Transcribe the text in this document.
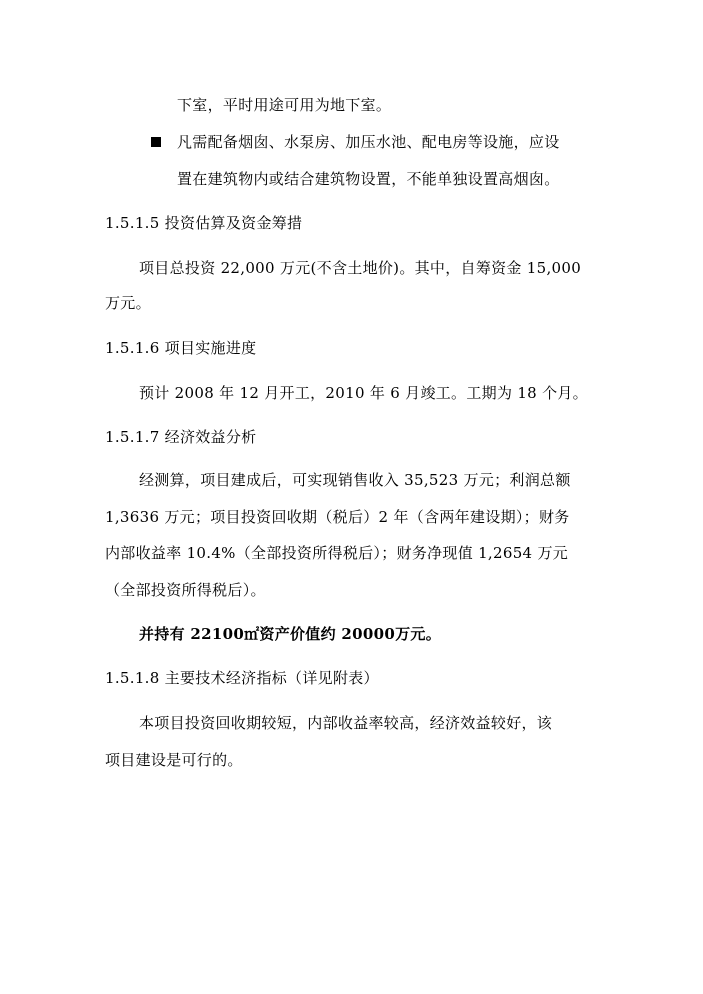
下室，平时用途可用为地下室。
凡需配备烟囱、水泵房、加压水池、配电房等设施，应设
置在建筑物内或结合建筑物设置，不能单独设置高烟囱。
1.5.1.5 投资估算及资金筹措
项目总投资 22,000 万元(不含土地价)。其中，自筹资金 15,000
万元。
1.5.1.6 项目实施进度
预计 2008 年 12 月开工，2010 年 6 月竣工。工期为 18 个月。
1.5.1.7 经济效益分析
经测算，项目建成后，可实现销售收入 35,523 万元；利润总额
1,3636 万元；项目投资回收期（税后）2 年（含两年建设期）；财务
内部收益率 10.4%（全部投资所得税后）；财务净现值 1,2654 万元
（全部投资所得税后）。
并持有 22100㎡资产价值约 20000万元。
1.5.1.8 主要技术经济指标（详见附表）
本项目投资回收期较短，内部收益率较高，经济效益较好，该
项目建设是可行的。
